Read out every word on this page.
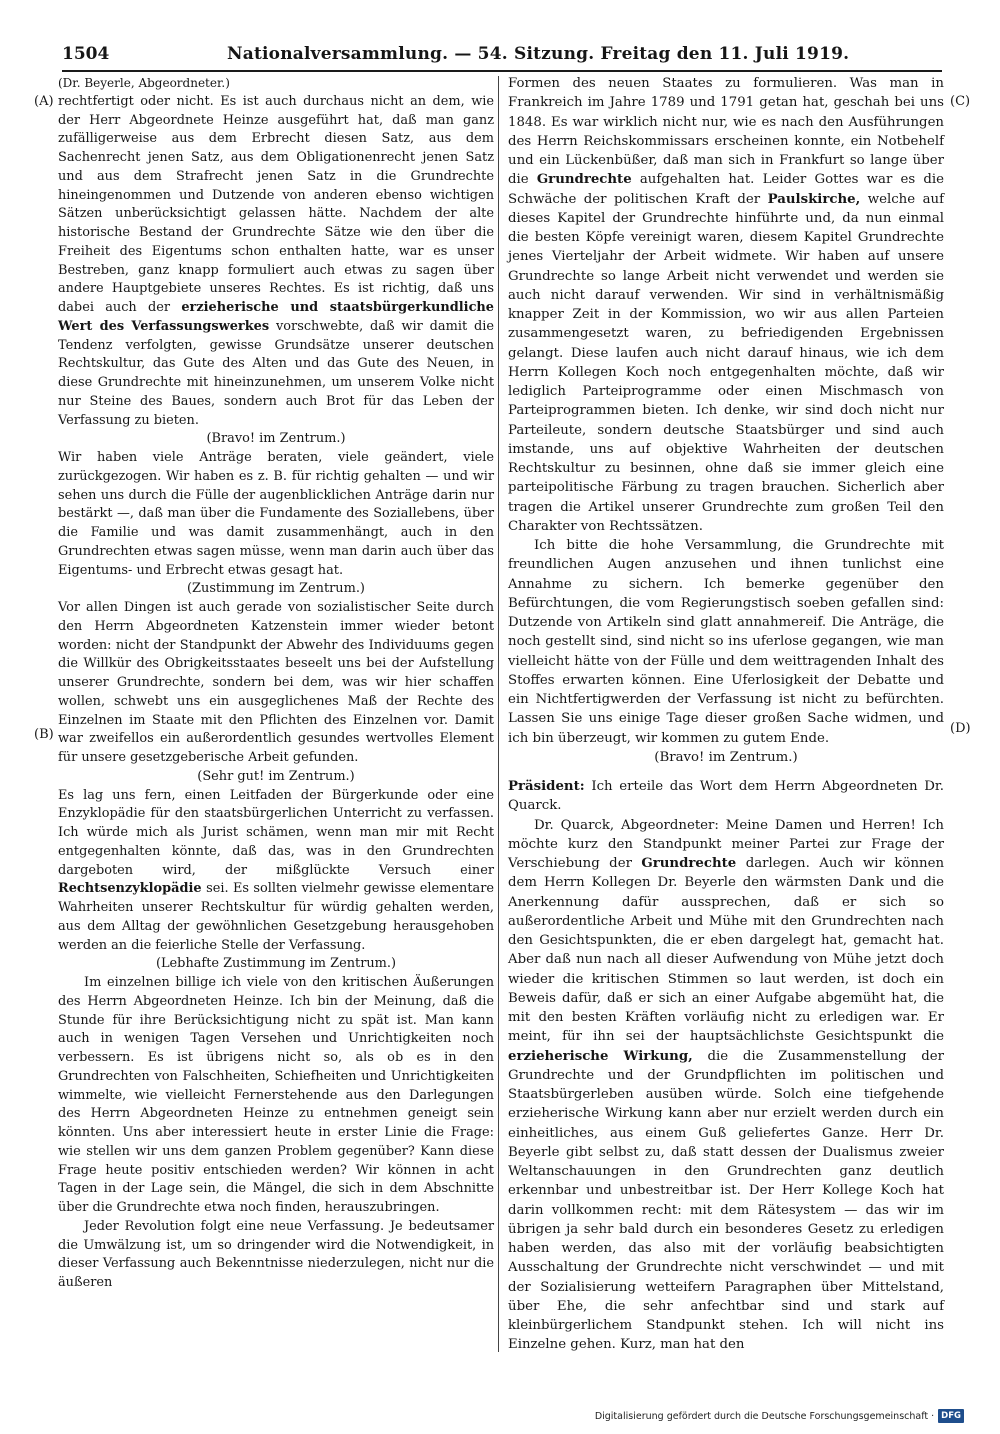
1504	Nationalversammlung. — 54. Sitzung. Freitag den 11. Juli 1919.
(A)
(B)
(C)
(D)

(Dr. Beyerle, Abgeordneter.)

rechtfertigt oder nicht. Es ist auch durchaus nicht an dem, wie der Herr Abgeordnete Heinze ausgeführt hat, daß man ganz zufälligerweise aus dem Erbrecht diesen Satz, aus dem Sachenrecht jenen Satz, aus dem Obligationenrecht jenen Satz und aus dem Strafrecht jenen Satz in die Grundrechte hineingenommen und Dutzende von anderen ebenso wichtigen Sätzen unberücksichtigt gelassen hätte. Nachdem der alte historische Bestand der Grundrechte Sätze wie den über die Freiheit des Eigentums schon enthalten hatte, war es unser Bestreben, ganz knapp formuliert auch etwas zu sagen über andere Hauptgebiete unseres Rechtes. Es ist richtig, daß uns dabei auch der erzieherische und staatsbürgerkundliche Wert des Verfassungswerkes vorschwebte, daß wir damit die Tendenz verfolgten, gewisse Grundsätze unserer deutschen Rechtskultur, das Gute des Alten und das Gute des Neuen, in diese Grundrechte mit hineinzunehmen, um unserem Volke nicht nur Steine des Baues, sondern auch Brot für das Leben der Verfassung zu bieten.

(Bravo! im Zentrum.)

Wir haben viele Anträge beraten, viele geändert, viele zurückgezogen. Wir haben es z. B. für richtig gehalten — und wir sehen uns durch die Fülle der augenblicklichen Anträge darin nur bestärkt —, daß man über die Fundamente des Soziallebens, über die Familie und was damit zusammenhängt, auch in den Grundrechten etwas sagen müsse, wenn man darin auch über das Eigentums- und Erbrecht etwas gesagt hat.

(Zustimmung im Zentrum.)

Vor allen Dingen ist auch gerade von sozialistischer Seite durch den Herrn Abgeordneten Katzenstein immer wieder betont worden: nicht der Standpunkt der Abwehr des Individuums gegen die Willkür des Obrigkeitsstaates beseelt uns bei der Aufstellung unserer Grundrechte, sondern bei dem, was wir hier schaffen wollen, schwebt uns ein ausgeglichenes Maß der Rechte des Einzelnen im Staate mit den Pflichten des Einzelnen vor. Damit war zweifellos ein außerordentlich gesundes wertvolles Element für unsere gesetzgeberische Arbeit gefunden.

(Sehr gut! im Zentrum.)

Es lag uns fern, einen Leitfaden der Bürgerkunde oder eine Enzyklopädie für den staatsbürgerlichen Unterricht zu verfassen. Ich würde mich als Jurist schämen, wenn man mir mit Recht entgegenhalten könnte, daß das, was in den Grundrechten dargeboten wird, der mißglückte Versuch einer Rechtsenzyklopädie sei. Es sollten vielmehr gewisse elementare Wahrheiten unserer Rechtskultur für würdig gehalten werden, aus dem Alltag der gewöhnlichen Gesetzgebung herausgehoben werden an die feierliche Stelle der Verfassung.

(Lebhafte Zustimmung im Zentrum.)

Im einzelnen billige ich viele von den kritischen Äußerungen des Herrn Abgeordneten Heinze. Ich bin der Meinung, daß die Stunde für ihre Berücksichtigung nicht zu spät ist. Man kann auch in wenigen Tagen Versehen und Unrichtigkeiten noch verbessern. Es ist übrigens nicht so, als ob es in den Grundrechten von Falschheiten, Schiefheiten und Unrichtigkeiten wimmelte, wie vielleicht Fernerstehende aus den Darlegungen des Herrn Abgeordneten Heinze zu entnehmen geneigt sein könnten. Uns aber interessiert heute in erster Linie die Frage: wie stellen wir uns dem ganzen Problem gegenüber? Kann diese Frage heute positiv entschieden werden? Wir können in acht Tagen in der Lage sein, die Mängel, die sich in dem Abschnitte über die Grundrechte etwa noch finden, herauszubringen.

Jeder Revolution folgt eine neue Verfassung. Je bedeutsamer die Umwälzung ist, um so dringender wird die Notwendigkeit, in dieser Verfassung auch Bekenntnisse niederzulegen, nicht nur die äußeren

Formen des neuen Staates zu formulieren. Was man in Frankreich im Jahre 1789 und 1791 getan hat, geschah bei uns 1848. Es war wirklich nicht nur, wie es nach den Ausführungen des Herrn Reichskommissars erscheinen konnte, ein Notbehelf und ein Lückenbüßer, daß man sich in Frankfurt so lange über die Grundrechte aufgehalten hat. Leider Gottes war es die Schwäche der politischen Kraft der Paulskirche, welche auf dieses Kapitel der Grundrechte hinführte und, da nun einmal die besten Köpfe vereinigt waren, diesem Kapitel Grundrechte jenes Vierteljahr der Arbeit widmete. Wir haben auf unsere Grundrechte so lange Arbeit nicht verwendet und werden sie auch nicht darauf verwenden. Wir sind in verhältnismäßig knapper Zeit in der Kommission, wo wir aus allen Parteien zusammengesetzt waren, zu befriedigenden Ergebnissen gelangt. Diese laufen auch nicht darauf hinaus, wie ich dem Herrn Kollegen Koch noch entgegenhalten möchte, daß wir lediglich Parteiprogramme oder einen Mischmasch von Parteiprogrammen bieten. Ich denke, wir sind doch nicht nur Parteileute, sondern deutsche Staatsbürger und sind auch imstande, uns auf objektive Wahrheiten der deutschen Rechtskultur zu besinnen, ohne daß sie immer gleich eine parteipolitische Färbung zu tragen brauchen. Sicherlich aber tragen die Artikel unserer Grundrechte zum großen Teil den Charakter von Rechtssätzen.

Ich bitte die hohe Versammlung, die Grundrechte mit freundlichen Augen anzusehen und ihnen tunlichst eine Annahme zu sichern. Ich bemerke gegenüber den Befürchtungen, die vom Regierungstisch soeben gefallen sind: Dutzende von Artikeln sind glatt annahmereif. Die Anträge, die noch gestellt sind, sind nicht so ins uferlose gegangen, wie man vielleicht hätte von der Fülle und dem weittragenden Inhalt des Stoffes erwarten können. Eine Uferlosigkeit der Debatte und ein Nichtfertigwerden der Verfassung ist nicht zu befürchten. Lassen Sie uns einige Tage dieser großen Sache widmen, und ich bin überzeugt, wir kommen zu gutem Ende.

(Bravo! im Zentrum.)

Präsident: Ich erteile das Wort dem Herrn Abgeordneten Dr. Quarck.

Dr. Quarck, Abgeordneter: Meine Damen und Herren! Ich möchte kurz den Standpunkt meiner Partei zur Frage der Verschiebung der Grundrechte darlegen. Auch wir können dem Herrn Kollegen Dr. Beyerle den wärmsten Dank und die Anerkennung dafür aussprechen, daß er sich so außerordentliche Arbeit und Mühe mit den Grundrechten nach den Gesichtspunkten, die er eben dargelegt hat, gemacht hat. Aber daß nun nach all dieser Aufwendung von Mühe jetzt doch wieder die kritischen Stimmen so laut werden, ist doch ein Beweis dafür, daß er sich an einer Aufgabe abgemüht hat, die mit den besten Kräften vorläufig nicht zu erledigen war. Er meint, für ihn sei der hauptsächlichste Gesichtspunkt die erzieherische Wirkung, die die Zusammenstellung der Grundrechte und der Grundpflichten im politischen und Staatsbürgerleben ausüben würde. Solch eine tiefgehende erzieherische Wirkung kann aber nur erzielt werden durch ein einheitliches, aus einem Guß geliefertes Ganze. Herr Dr. Beyerle gibt selbst zu, daß statt dessen der Dualismus zweier Weltanschauungen in den Grundrechten ganz deutlich erkennbar und unbestreitbar ist. Der Herr Kollege Koch hat darin vollkommen recht: mit dem Rätesystem — das wir im übrigen ja sehr bald durch ein besonderes Gesetz zu erledigen haben werden, das also mit der vorläufig beabsichtigten Ausschaltung der Grundrechte nicht verschwindet — und mit der Sozialisierung wetteifern Paragraphen über Mittelstand, über Ehe, die sehr anfechtbar sind und stark auf kleinbürgerlichem Standpunkt stehen. Ich will nicht ins Einzelne gehen. Kurz, man hat den

Digitalisierung gefördert durch die Deutsche Forschungsgemeinschaft · DFG
